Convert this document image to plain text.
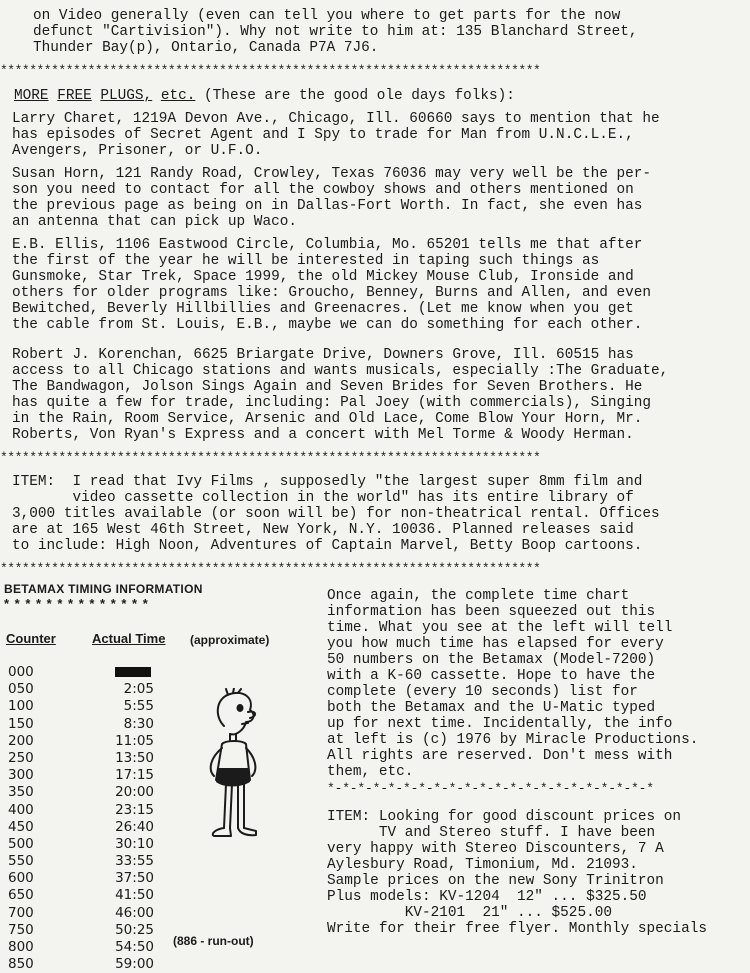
on Video generally (even can tell you where to get parts for the now
defunct "Cartivision"). Why not write to him at: 135 Blanchard Street,
Thunder Bay(p), Ontario, Canada P7A 7J6.
**************************************************************************
MORE FREE PLUGS, etc. (These are the good ole days folks):
Larry Charet, 1219A Devon Ave., Chicago, Ill. 60660 says to mention that he
has episodes of Secret Agent and I Spy to trade for Man from U.N.C.L.E.,
Avengers, Prisoner, or U.F.O.
Susan Horn, 121 Randy Road, Crowley, Texas 76036 may very well be the per-
son you need to contact for all the cowboy shows and others mentioned on
the previous page as being on in Dallas-Fort Worth. In fact, she even has
an antenna that can pick up Waco.
E.B. Ellis, 1106 Eastwood Circle, Columbia, Mo. 65201 tells me that after
the first of the year he will be interested in taping such things as
Gunsmoke, Star Trek, Space 1999, the old Mickey Mouse Club, Ironside and
others for older programs like: Groucho, Benney, Burns and Allen, and even
Bewitched, Beverly Hillbillies and Greenacres. (Let me know when you get
the cable from St. Louis, E.B., maybe we can do something for each other.
Robert J. Korenchan, 6625 Briargate Drive, Downers Grove, Ill. 60515 has
access to all Chicago stations and wants musicals, especially :The Graduate,
The Bandwagon, Jolson Sings Again and Seven Brides for Seven Brothers. He
has quite a few for trade, including: Pal Joey (with commercials), Singing
in the Rain, Room Service, Arsenic and Old Lace, Come Blow Your Horn, Mr.
Roberts, Von Ryan's Express and a concert with Mel Torme & Woody Herman.
**************************************************************************
ITEM:  I read that Ivy Films , supposedly "the largest super 8mm film and
video cassette collection in the world" has its entire library of
3,000 titles available (or soon will be) for non-theatrical rental. Offices
are at 165 West 46th Street, New York, N.Y. 10036. Planned releases said
to include: High Noon, Adventures of Captain Marvel, Betty Boop cartoons.
**************************************************************************
BETAMAX TIMING INFORMATION
* * * * * * * * * * * * * *
Counter	Actual Time (approximate)
000
050	2:05
100	5:55
150	8:30
200	11:05
250	13:50
300	17:15
350	20:00
400	23:15
450	26:40
500	30:10
550	33:55
600	37:50
650	41:50
700	46:00
750	50:25
800	54:50
850	59:00
(886 - run-out)
Once again, the complete time chart
information has been squeezed out this
time. What you see at the left will tell
you how much time has elapsed for every
50 numbers on the Betamax (Model-7200)
with a K-60 cassette. Hope to have the
complete (every 10 seconds) list for
both the Betamax and the U-Matic typed
up for next time. Incidentally, the info
at left is (c) 1976 by Miracle Productions.
All rights are reserved. Don't mess with
them, etc.
*-*-*-*-*-*-*-*-*-*-*-*-*-*-*-*-*-*-*-*-*-*
ITEM: Looking for good discount prices on
TV and Stereo stuff. I have been
very happy with Stereo Discounters, 7 A
Aylesbury Road, Timonium, Md. 21093.
Sample prices on the new Sony Trinitron
Plus models: KV-1204  12" ... $325.50
KV-2101  21" ... $525.00
Write for their free flyer. Monthly specials
